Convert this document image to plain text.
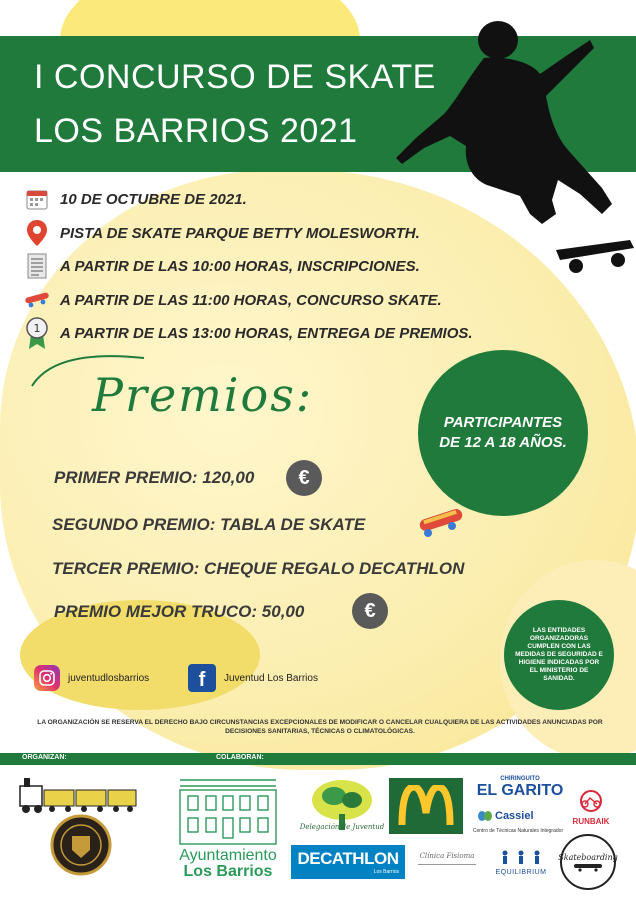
I CONCURSO DE SKATE
LOS BARRIOS 2021
10 DE OCTUBRE DE 2021.
PISTA DE SKATE PARQUE BETTY MOLESWORTH.
A PARTIR DE LAS 10:00 HORAS, INSCRIPCIONES.
A PARTIR DE LAS 11:00 HORAS, CONCURSO SKATE.
1 A PARTIR DE LAS 13:00 HORAS, ENTREGA DE PREMIOS.
Premios:
PARTICIPANTES
DE 12 A 18 AÑOS.
PRIMER PREMIO: 120,00	€
SEGUNDO PREMIO: TABLA DE SKATE
TERCER PREMIO: CHEQUE REGALO DECATHLON
PREMIO MEJOR TRUCO: 50,00	€
LAS ENTIDADES ORGANIZADORAS CUMPLEN CON LAS MEDIDAS DE SEGURIDAD E HIGIENE INDICADAS POR EL MINISTERIO DE SANIDAD.
juventudlosbarrios	f	Juventud Los Barrios
LA ORGANIZACIÓN SE RESERVA EL DERECHO BAJO CIRCUNSTANCIAS EXCEPCIONALES DE MODIFICAR O CANCELAR CUALQUIERA DE LAS ACTIVIDADES ANUNCIADAS POR DECISIONES SANITARIAS, TÉCNICAS O CLIMATOLÓGICAS.
ORGANIZAN:	COLABORAN:
Ayuntamiento
Los Barrios
Delegación de Juventud
DECATHLON
Los Barrios
Clínica Fisioma
CHIRINGUITO
EL GARITO
Cassiel
Centro de Técnicas Naturales Integrador
RUNBAIK
EQUILIBRIUM
Skateboarding
